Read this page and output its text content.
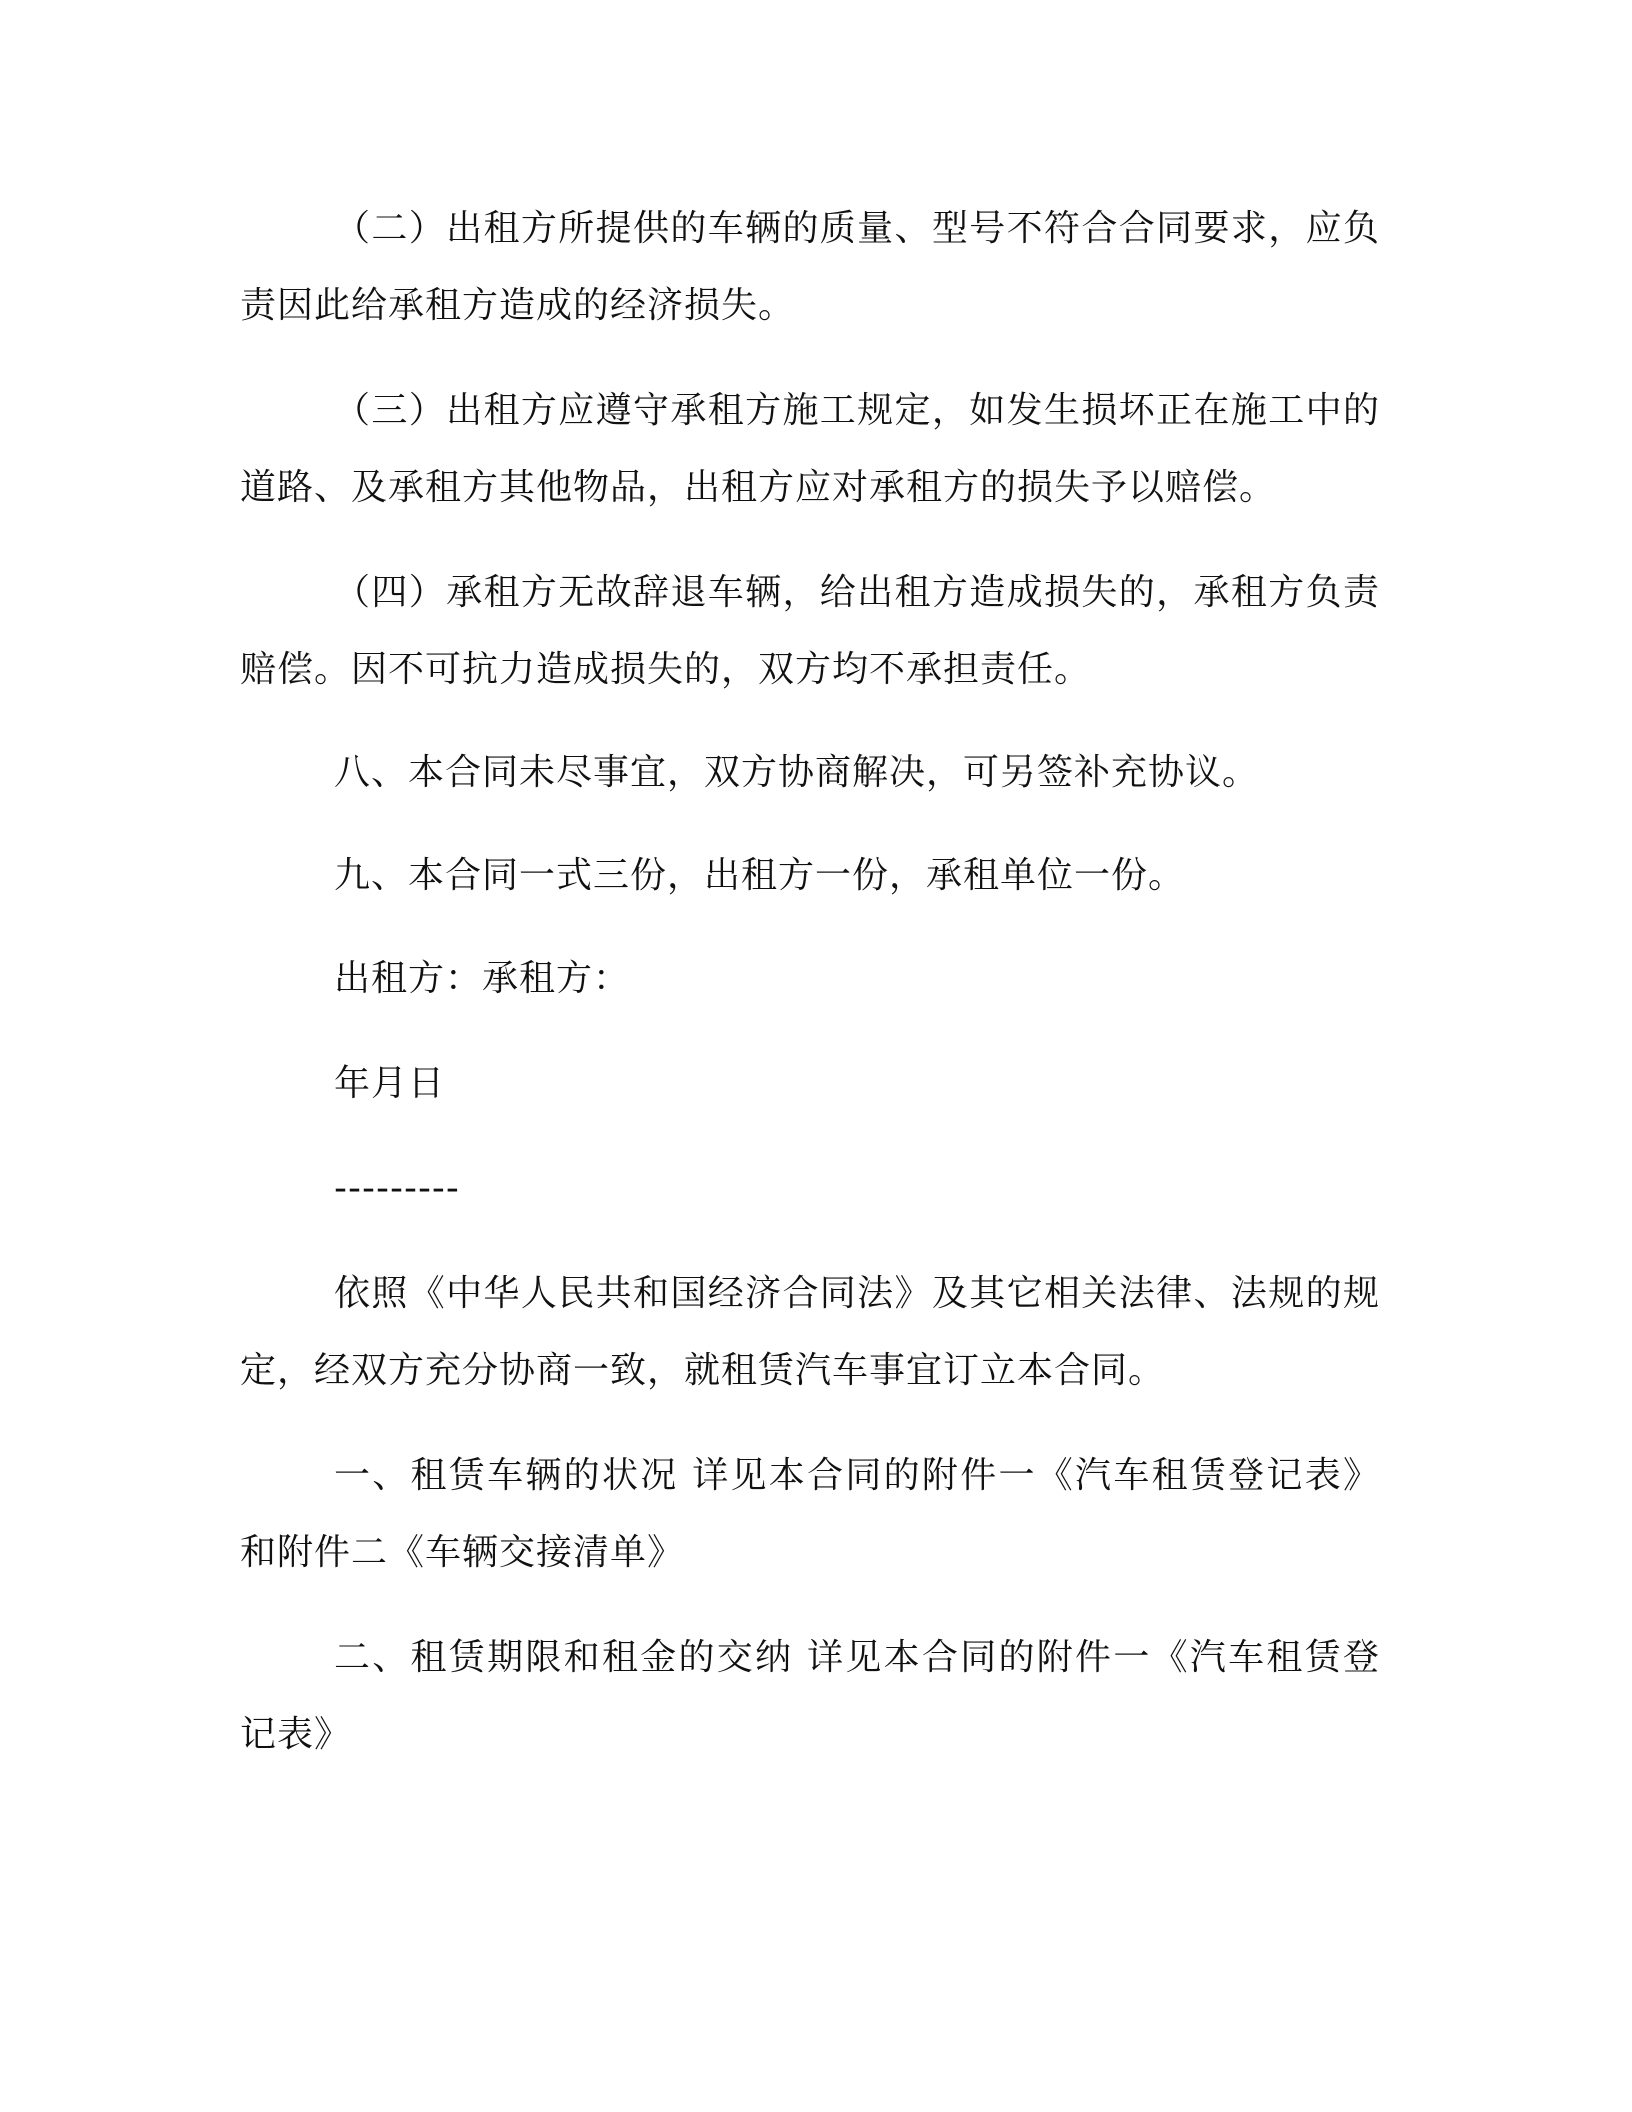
（二）出租方所提供的车辆的质量、型号不符合合同要求，应负责因此给承租方造成的经济损失。

（三）出租方应遵守承租方施工规定，如发生损坏正在施工中的道路、及承租方其他物品，出租方应对承租方的损失予以赔偿。

（四）承租方无故辞退车辆，给出租方造成损失的，承租方负责赔偿。因不可抗力造成损失的，双方均不承担责任。

八、本合同未尽事宜，双方协商解决，可另签补充协议。

九、本合同一式三份，出租方一份，承租单位一份。

出租方：承租方：

年月日

---------

依照《中华人民共和国经济合同法》及其它相关法律、法规的规定，经双方充分协商一致，就租赁汽车事宜订立本合同。

一、租赁车辆的状况 详见本合同的附件一《汽车租赁登记表》和附件二《车辆交接清单》

二、租赁期限和租金的交纳 详见本合同的附件一《汽车租赁登记表》
